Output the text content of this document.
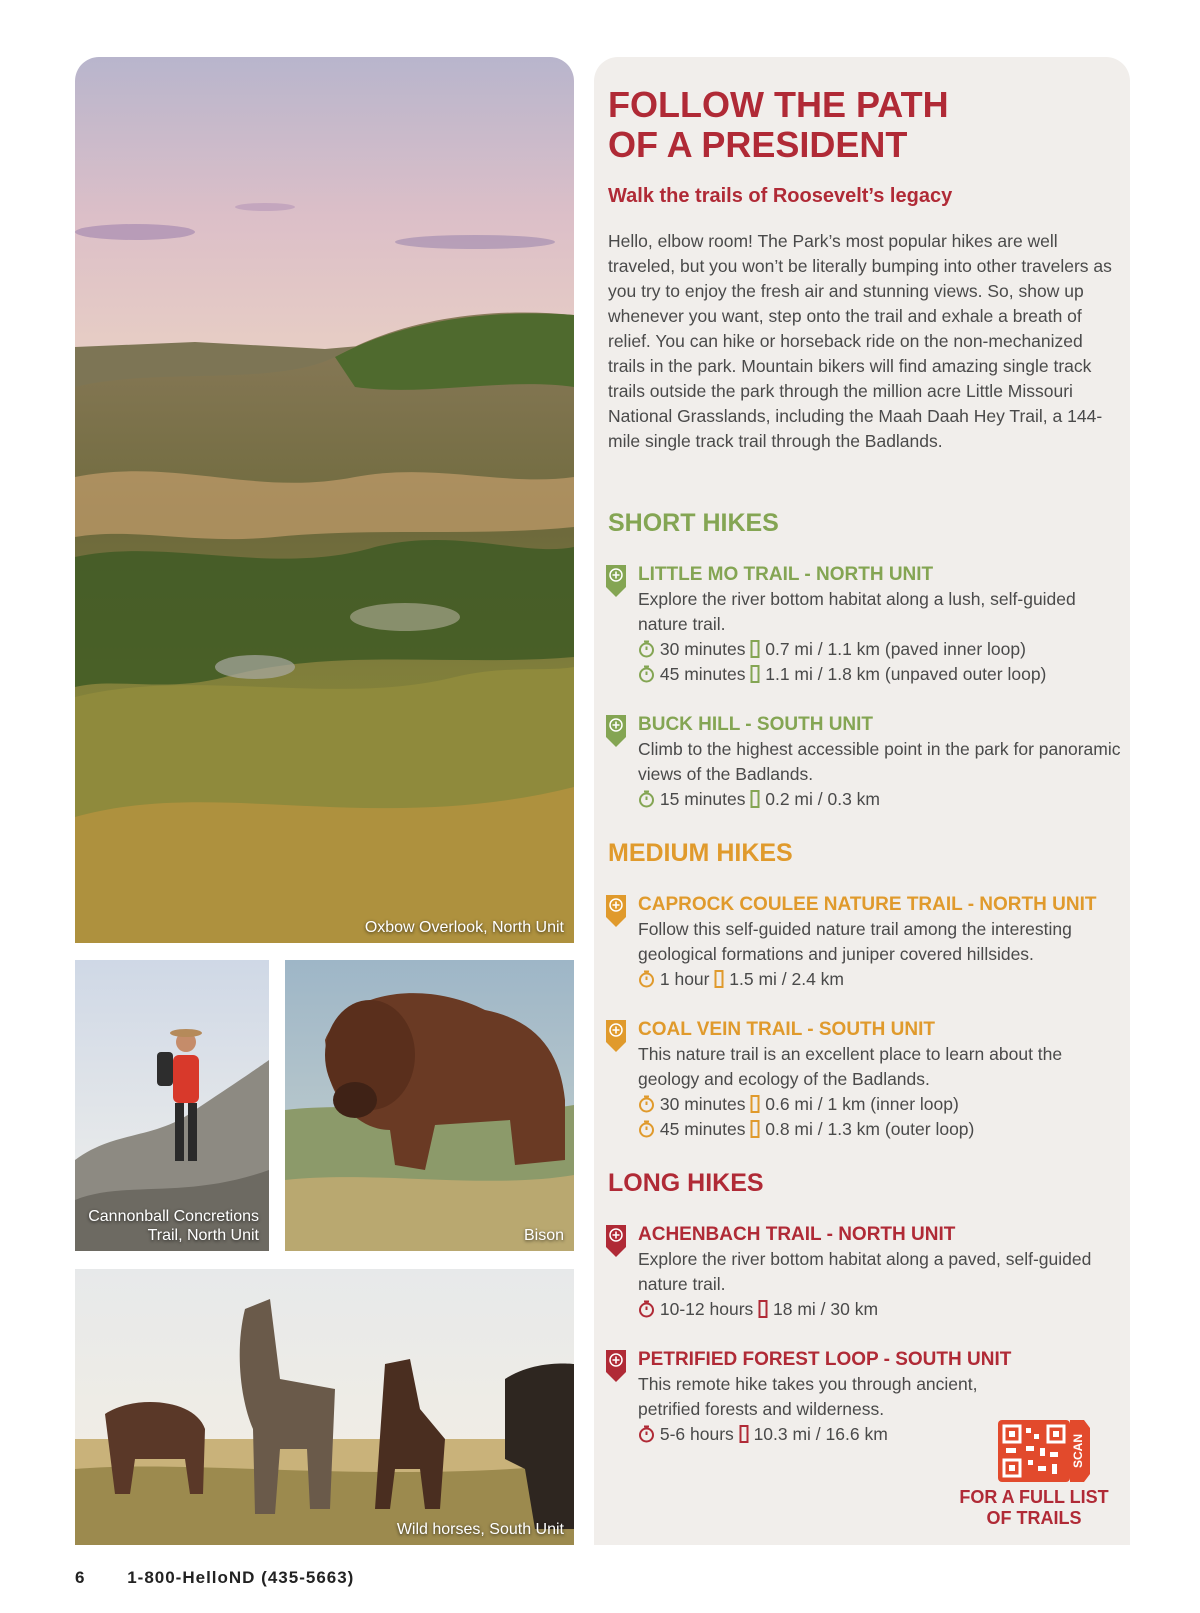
Oxbow Overlook, North Unit
Cannonball Concretions
Trail, North Unit	Bison
Wild horses, South Unit
FOLLOW THE PATH
OF A PRESIDENT
Walk the trails of Roosevelt’s legacy

Hello, elbow room! The Park’s most popular hikes are well traveled, but you won’t be literally bumping into other travelers as you try to enjoy the fresh air and stunning views. So, show up whenever you want, step onto the trail and exhale a breath of relief. You can hike or horseback ride on the non-mechanized trails in the park. Mountain bikers will find amazing single track trails outside the park through the million acre Little Missouri National Grasslands, including the Maah Daah Hey Trail, a 144-mile single track trail through the Badlands.

SHORT HIKES
LITTLE MO TRAIL - NORTH UNIT
Explore the river bottom habitat along a lush, self-guided nature trail.
30 minutes 0.7 mi / 1.1 km (paved inner loop)
45 minutes 1.1 mi / 1.8 km (unpaved outer loop)
BUCK HILL - SOUTH UNIT
Climb to the highest accessible point in the park for panoramic views of the Badlands.
15 minutes 0.2 mi / 0.3 km
MEDIUM HIKES
CAPROCK COULEE NATURE TRAIL - NORTH UNIT
Follow this self-guided nature trail among the interesting geological formations and juniper covered hillsides.
1 hour 1.5 mi / 2.4 km
COAL VEIN TRAIL - SOUTH UNIT
This nature trail is an excellent place to learn about the geology and ecology of the Badlands.
30 minutes 0.6 mi / 1 km (inner loop)
45 minutes 0.8 mi / 1.3 km (outer loop)
LONG HIKES
ACHENBACH TRAIL - NORTH UNIT
Explore the river bottom habitat along a paved, self-guided nature trail.
10-12 hours 18 mi / 30 km
PETRIFIED FOREST LOOP - SOUTH UNIT
This remote hike takes you through ancient, petrified forests and wilderness.
5-6 hours 10.3 mi / 16.6 km	SCAN
FOR A FULL LIST
OF TRAILS
6 1-800-HelloND (435-5663)
